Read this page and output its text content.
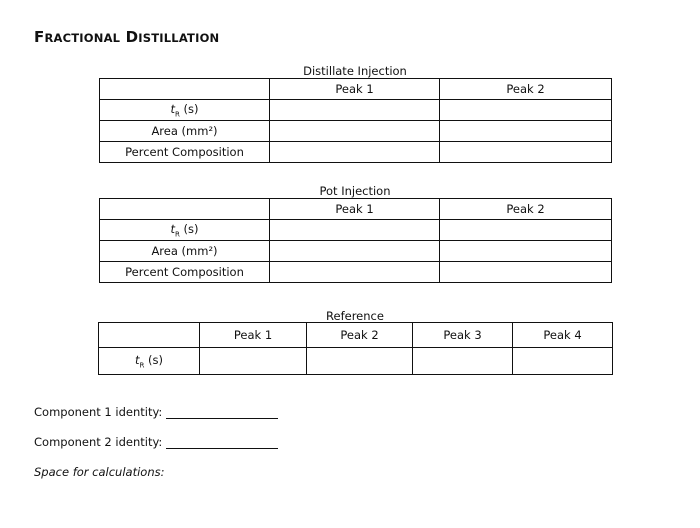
FRACTIONAL DISTILLATION
Distillate Injection
	Peak 1	Peak 2
$t_R$ (s)		
Area (mm²)		
Percent Composition		
Pot Injection
	Peak 1	Peak 2
$t_R$ (s)		
Area (mm²)		
Percent Composition		
Reference
	Peak 1	Peak 2	Peak 3	Peak 4
$t_R$ (s)				
Component 1 identity:
Component 2 identity:
Space for calculations:
